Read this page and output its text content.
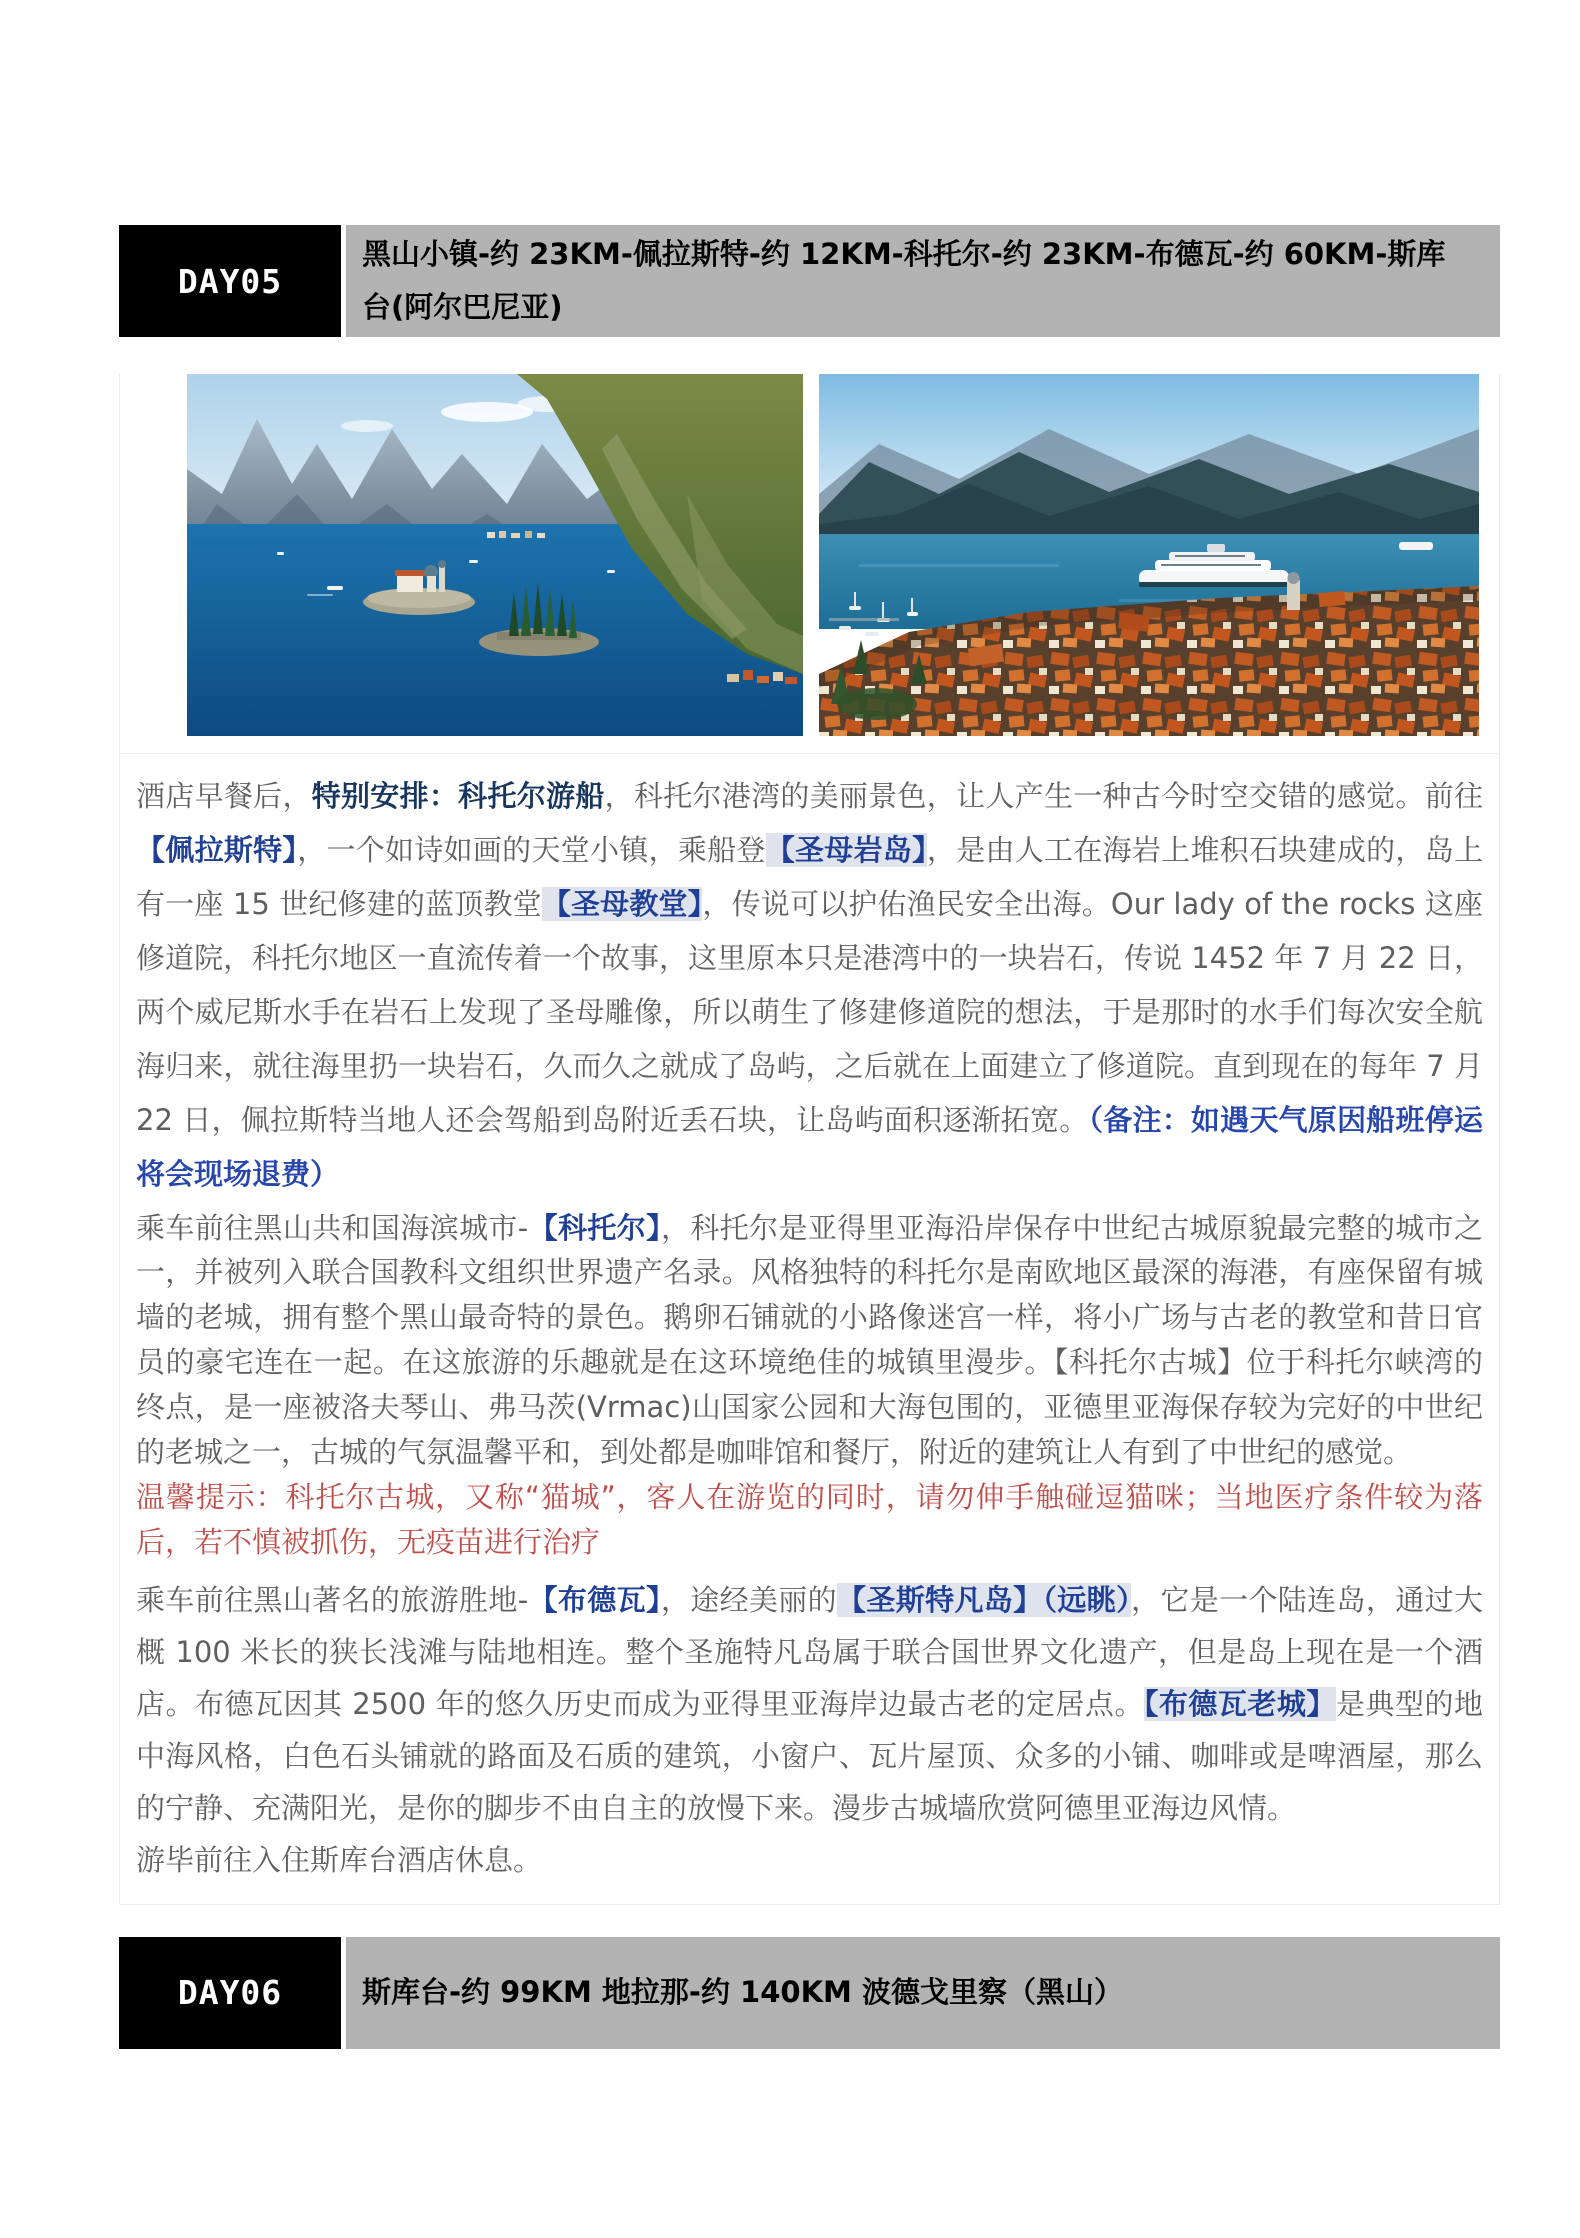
DAY05
黑山小镇-约 23KM-佩拉斯特-约 12KM-科托尔-约 23KM-布德瓦-约 60KM-斯库台(阿尔巴尼亚)

酒店早餐后，特别安排：科托尔游船，科托尔港湾的美丽景色，让人产生一种古今时空交错的感觉。前往【佩拉斯特】，一个如诗如画的天堂小镇，乘船登【圣母岩岛】，是由人工在海岩上堆积石块建成的，岛上有一座 15 世纪修建的蓝顶教堂【圣母教堂】，传说可以护佑渔民安全出海。Our lady of the rocks 这座修道院，科托尔地区一直流传着一个故事，这里原本只是港湾中的一块岩石，传说 1452 年 7 月 22 日，两个威尼斯水手在岩石上发现了圣母雕像，所以萌生了修建修道院的想法，于是那时的水手们每次安全航海归来，就往海里扔一块岩石，久而久之就成了岛屿，之后就在上面建立了修道院。直到现在的每年 7 月 22 日，佩拉斯特当地人还会驾船到岛附近丢石块，让岛屿面积逐渐拓宽。（备注：如遇天气原因船班停运将会现场退费）

乘车前往黑山共和国海滨城市-【科托尔】，科托尔是亚得里亚海沿岸保存中世纪古城原貌最完整的城市之一，并被列入联合国教科文组织世界遗产名录。风格独特的科托尔是南欧地区最深的海港，有座保留有城墙的老城，拥有整个黑山最奇特的景色。鹅卵石铺就的小路像迷宫一样，将小广场与古老的教堂和昔日官员的豪宅连在一起。在这旅游的乐趣就是在这环境绝佳的城镇里漫步。【科托尔古城】位于科托尔峡湾的终点，是一座被洛夫琴山、弗马茨(Vrmac)山国家公园和大海包围的，亚德里亚海保存较为完好的中世纪的老城之一，古城的气氛温馨平和，到处都是咖啡馆和餐厅，附近的建筑让人有到了中世纪的感觉。

温馨提示：科托尔古城，又称“猫城”，客人在游览的同时，请勿伸手触碰逗猫咪；当地医疗条件较为落后，若不慎被抓伤，无疫苗进行治疗

乘车前往黑山著名的旅游胜地-【布德瓦】，途经美丽的【圣斯特凡岛】（远眺），它是一个陆连岛，通过大概 100 米长的狭长浅滩与陆地相连。整个圣施特凡岛属于联合国世界文化遗产，但是岛上现在是一个酒店。布德瓦因其 2500 年的悠久历史而成为亚得里亚海岸边最古老的定居点。【布德瓦老城】是典型的地中海风格，白色石头铺就的路面及石质的建筑，小窗户、瓦片屋顶、众多的小铺、咖啡或是啤酒屋，那么的宁静、充满阳光，是你的脚步不由自主的放慢下来。漫步古城墙欣赏阿德里亚海边风情。

游毕前往入住斯库台酒店休息。

DAY06	斯库台-约 99KM 地拉那-约 140KM 波德戈里察（黑山）
